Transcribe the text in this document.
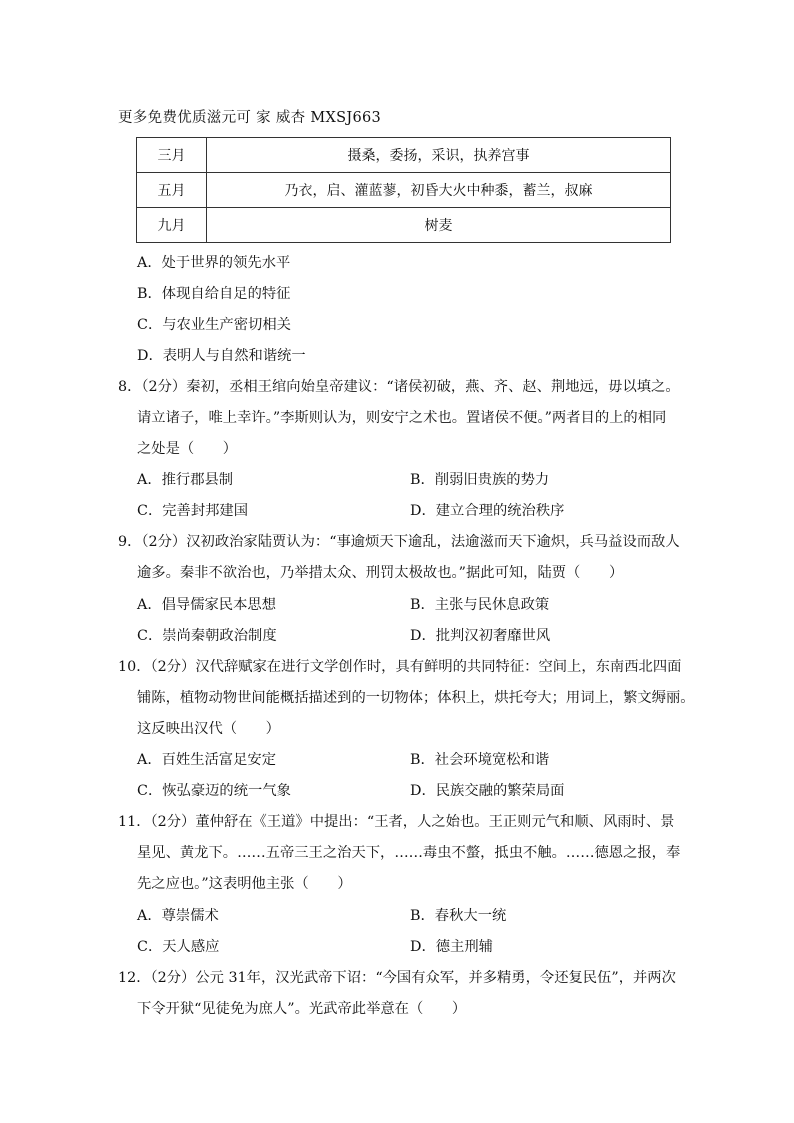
更多免费优质滋元可 家 威杏 MXSJ663
三月	摄桑，委扬，采识，执养宫事
五月	乃衣，启、灌蓝蓼，初昏大火中种黍，蓄兰，叔麻
九月	树麦
A．处于世界的领先水平
B．体现自给自足的特征
C．与农业生产密切相关
D．表明人与自然和谐统一
8．（2分）秦初，丞相王绾向始皇帝建议：“诸侯初破，燕、齐、赵、荆地远，毋以填之。
请立诸子，唯上幸许。”李斯则认为，则安宁之术也。置诸侯不便。”两者目的上的相同
之处是（　　）
A．推行郡县制	B．削弱旧贵族的势力
C．完善封邦建国	D．建立合理的统治秩序
9．（2分）汉初政治家陆贾认为：“事逾烦天下逾乱，法逾滋而天下逾炽，兵马益设而敌人
逾多。秦非不欲治也，乃举措太众、刑罚太极故也。”据此可知，陆贾（　　）
A．倡导儒家民本思想	B．主张与民休息政策
C．崇尚秦朝政治制度	D．批判汉初奢靡世风
10．（2分）汉代辞赋家在进行文学创作时，具有鲜明的共同特征：空间上，东南西北四面
铺陈，植物动物世间能概括描述到的一切物体；体积上，烘托夸大；用词上，繁文缛丽。
这反映出汉代（　　）
A．百姓生活富足安定	B．社会环境宽松和谐
C．恢弘豪迈的统一气象	D．民族交融的繁荣局面
11．（2分）董仲舒在《王道》中提出：“王者，人之始也。王正则元气和顺、风雨时、景
星见、黄龙下。……五帝三王之治天下，……毒虫不螫，抵虫不触。……德恩之报，奉
先之应也。”这表明他主张（　　）
A．尊崇儒术	B．春秋大一统
C．天人感应	D．德主刑辅
12．（2分）公元 31年，汉光武帝下诏：“今国有众军，并多精勇，令还复民伍”，并两次
下令开狱“见徒免为庶人”。光武帝此举意在（　　）
